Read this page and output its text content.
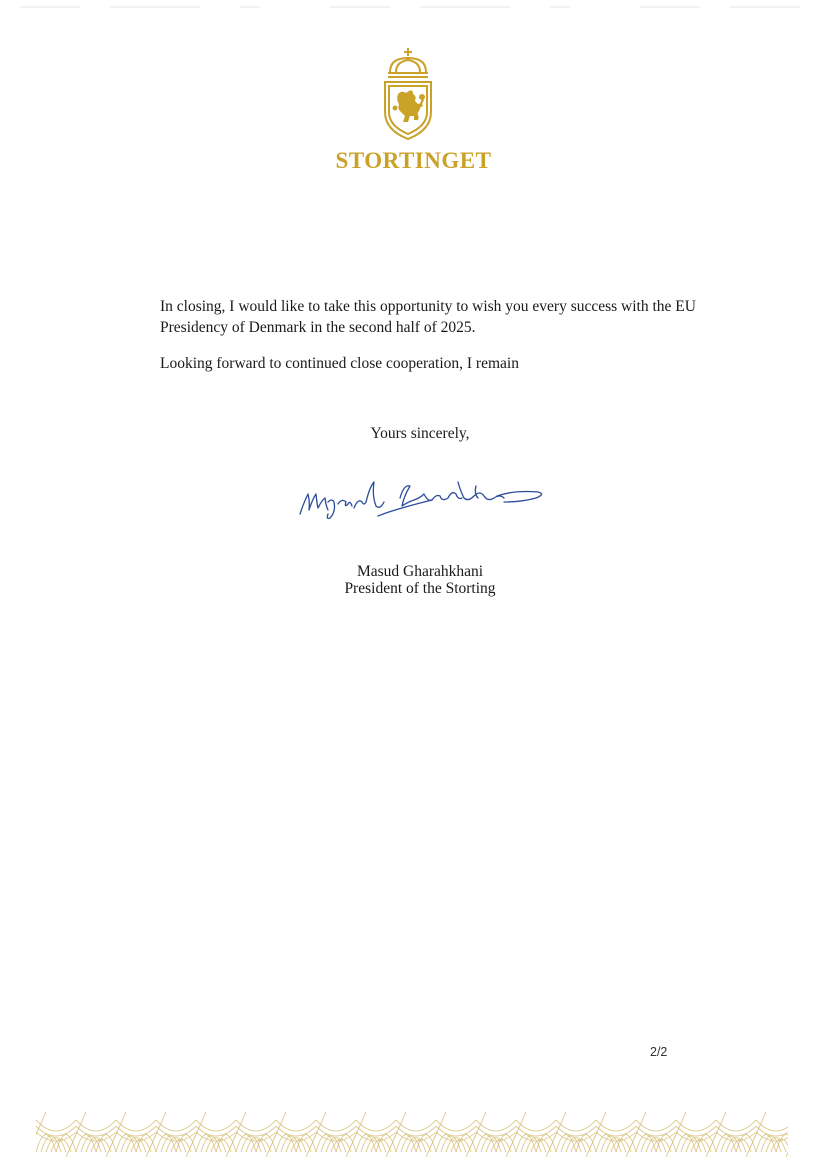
STORTINGET
In closing, I would like to take this opportunity to wish you every success with the EU Presidency of Denmark in the second half of 2025.
Looking forward to continued close cooperation, I remain
Yours sincerely,
Masud Gharahkhani
President of the Storting
2/2
